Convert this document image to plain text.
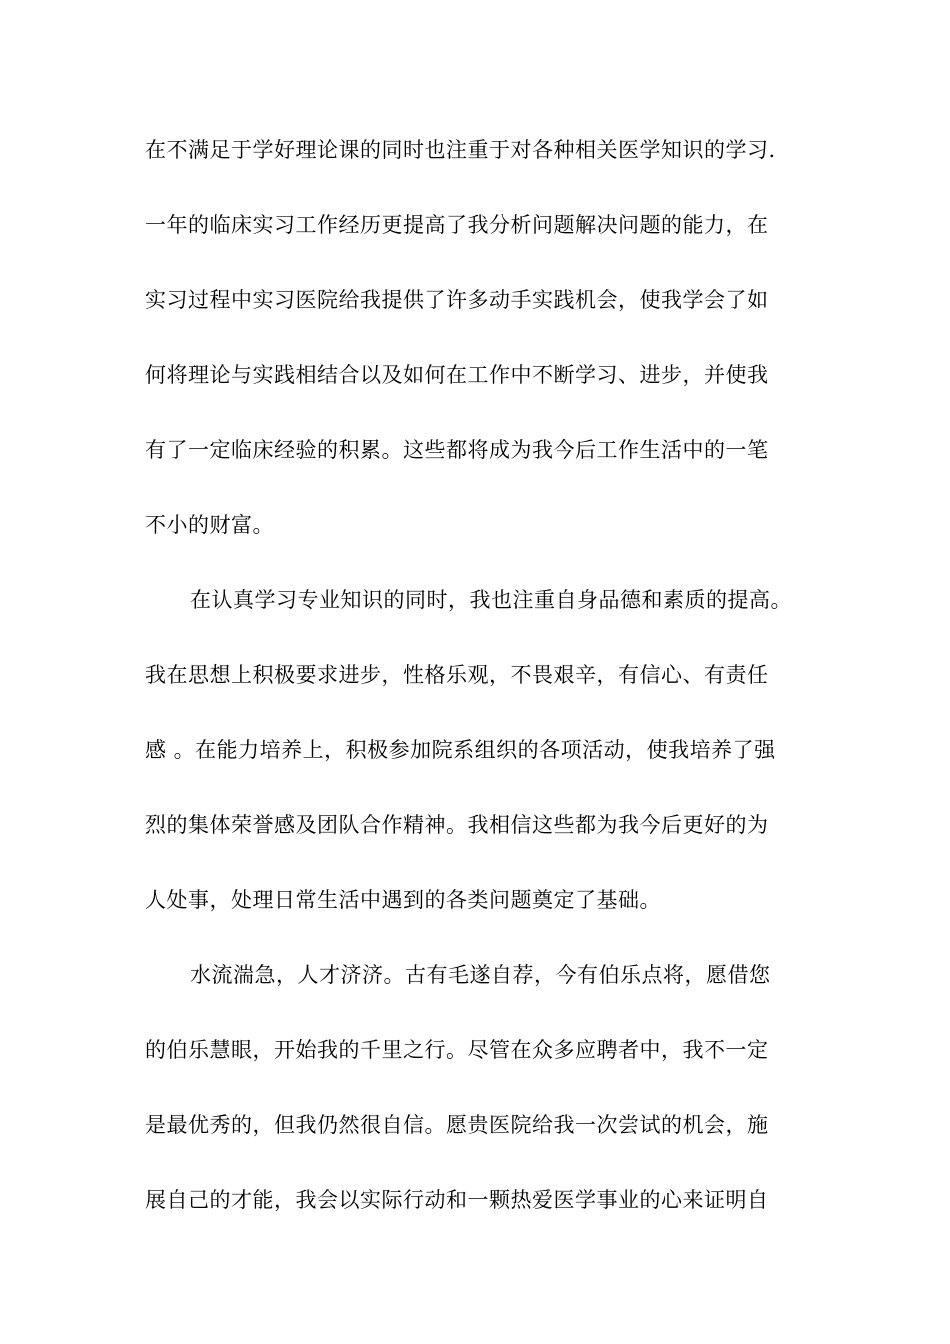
在不满足于学好理论课的同时也注重于对各种相关医学知识的学习.
一年的临床实习工作经历更提高了我分析问题解决问题的能力，在
实习过程中实习医院给我提供了许多动手实践机会，使我学会了如
何将理论与实践相结合以及如何在工作中不断学习、进步，并使我
有了一定临床经验的积累。这些都将成为我今后工作生活中的一笔
不小的财富。
在认真学习专业知识的同时，我也注重自身品德和素质的提高。
我在思想上积极要求进步，性格乐观，不畏艰辛，有信心、有责任
感 。在能力培养上，积极参加院系组织的各项活动，使我培养了强
烈的集体荣誉感及团队合作精神。我相信这些都为我今后更好的为
人处事，处理日常生活中遇到的各类问题奠定了基础。
水流湍急，人才济济。古有毛遂自荐，今有伯乐点将，愿借您
的伯乐慧眼，开始我的千里之行。尽管在众多应聘者中，我不一定
是最优秀的，但我仍然很自信。愿贵医院给我一次尝试的机会，施
展自己的才能，我会以实际行动和一颗热爱医学事业的心来证明自
